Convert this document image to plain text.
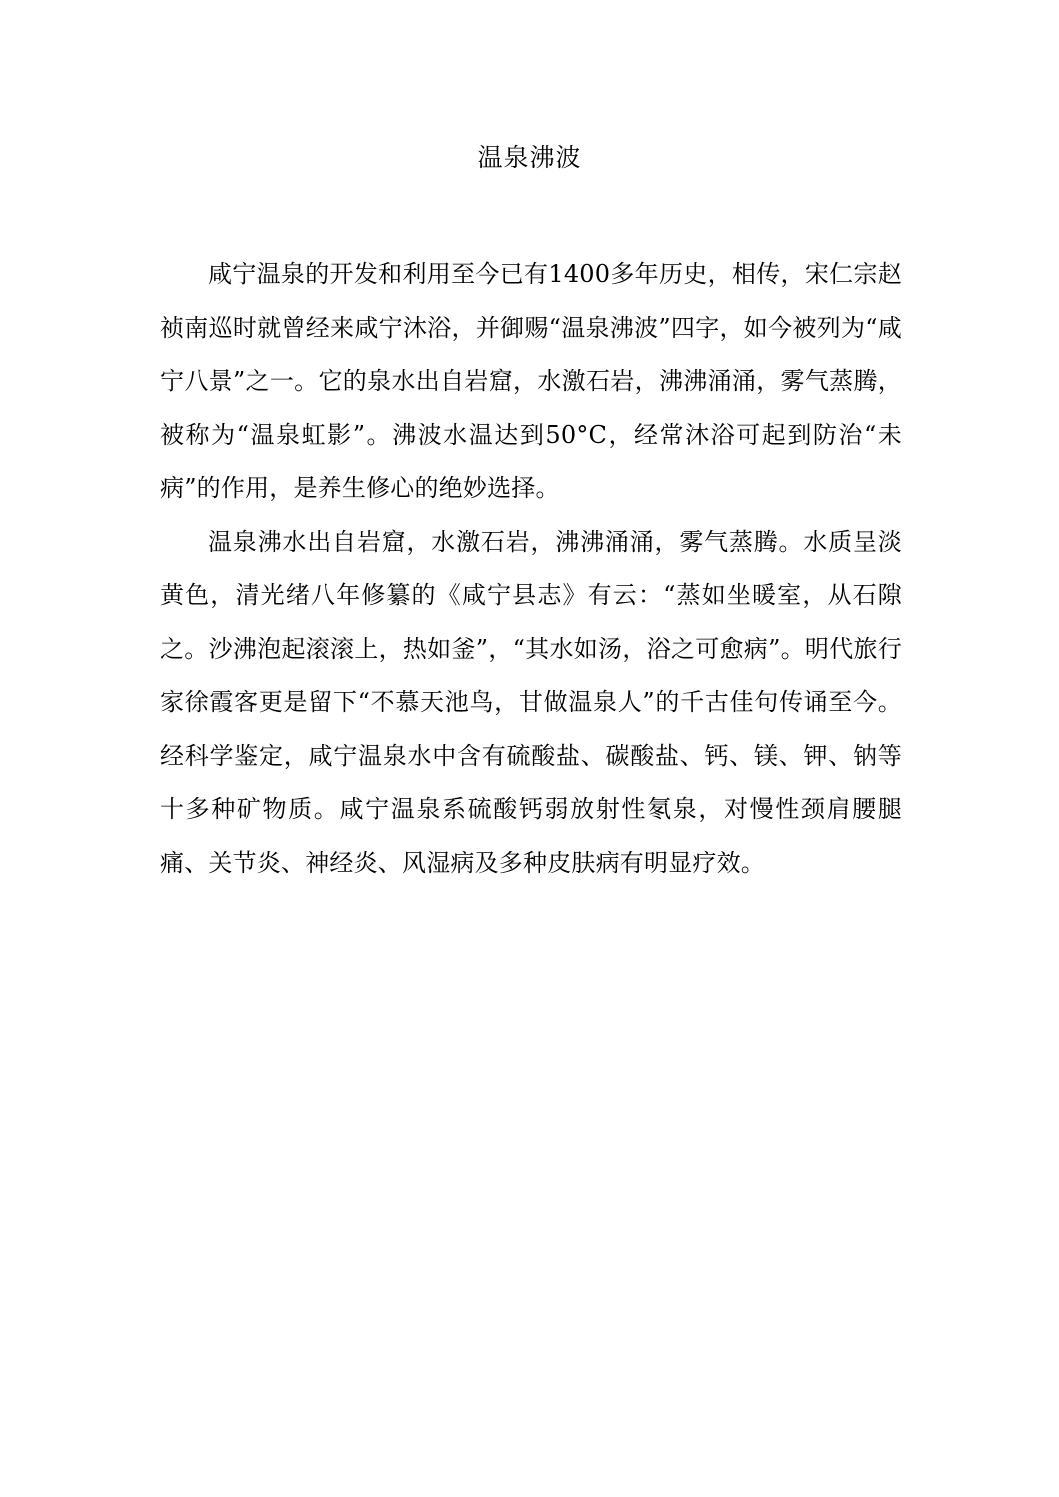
温泉沸波

咸宁温泉的开发和利用至今已有1400多年历史，相传，宋仁宗赵祯南巡时就曾经来咸宁沐浴，并御赐“温泉沸波”四字，如今被列为“咸宁八景”之一。它的泉水出自岩窟，水激石岩，沸沸涌涌，雾气蒸腾，被称为“温泉虹影”。沸波水温达到50°C，经常沐浴可起到防治“未病”的作用，是养生修心的绝妙选择。

温泉沸水出自岩窟，水激石岩，沸沸涌涌，雾气蒸腾。水质呈淡黄色，清光绪八年修纂的《咸宁县志》有云：“蒸如坐暖室，从石隙之。沙沸泡起滚滚上，热如釜”，“其水如汤，浴之可愈病”。明代旅行家徐霞客更是留下“不慕天池鸟，甘做温泉人”的千古佳句传诵至今。经科学鉴定，咸宁温泉水中含有硫酸盐、碳酸盐、钙、镁、钾、钠等十多种矿物质。咸宁温泉系硫酸钙弱放射性氡泉，对慢性颈肩腰腿痛、关节炎、神经炎、风湿病及多种皮肤病有明显疗效。
